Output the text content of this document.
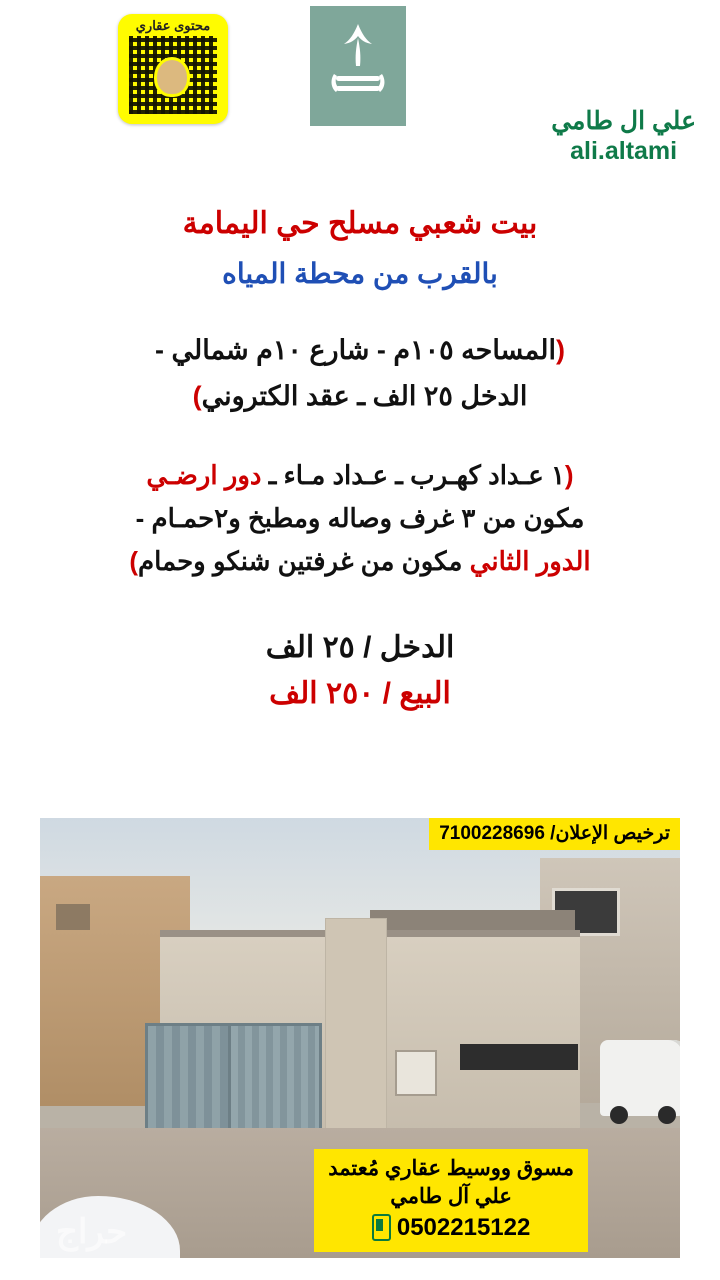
محتوى عقاري
علي ال طامي
ali.altami
بيت شعبي مسلح حي اليمامة
بالقرب من محطة المياه
(المساحه ١٠٥م - شارع ١٠م شمالي -
الدخل ٢٥ الف ـ عقد الكتروني)
(١ عـداد كهـرب ـ عـداد مـاء ـ دور ارضـي
مكون من ٣ غرف وصاله ومطبخ و٢حمـام -
الدور الثاني مكون من غرفتين شنكو وحمام)
الدخل / ٢٥ الف
البيع / ٢٥٠ الف
ترخيص الإعلان/ 7100228696
مسوق ووسيط عقاري مُعتمد
علي آل طامي
0502215122
حراج
